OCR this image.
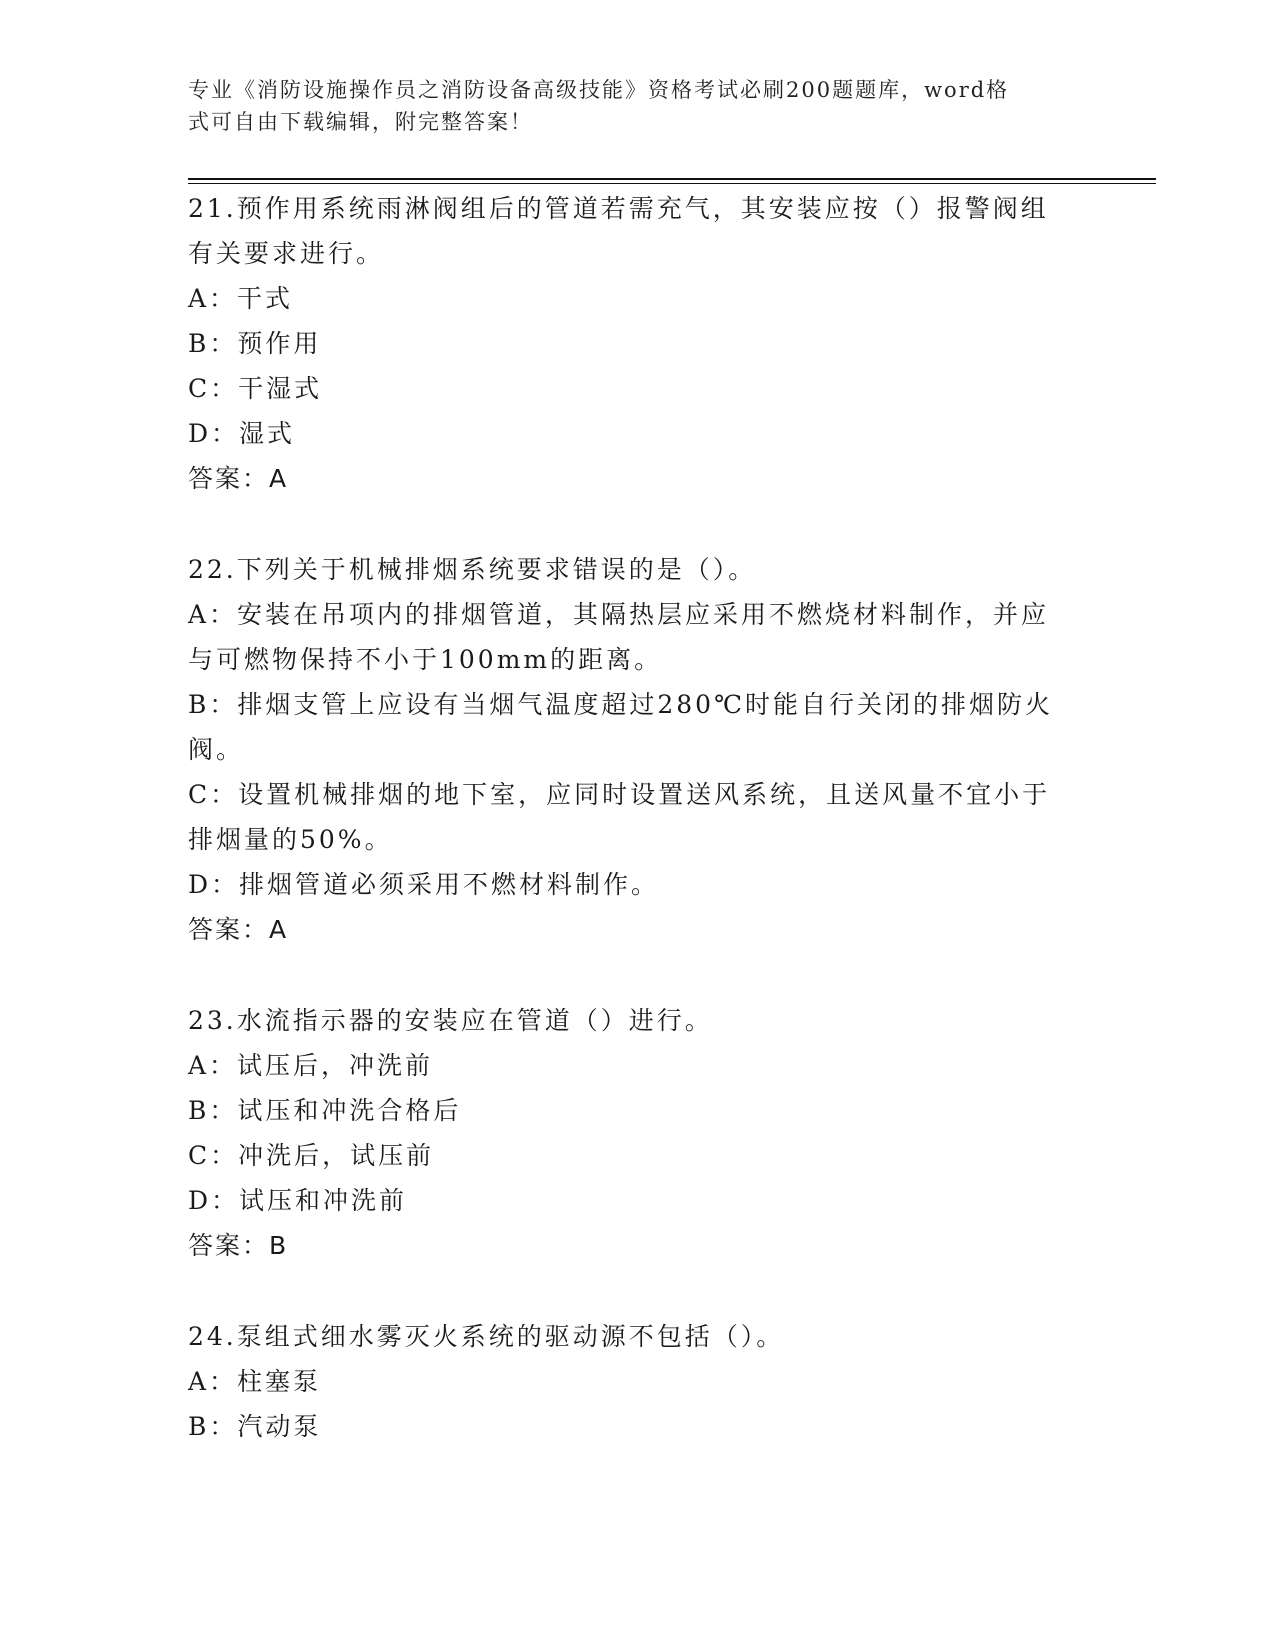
专业《消防设施操作员之消防设备高级技能》资格考试必刷200题题库，word格
式可自由下载编辑，附完整答案！
21.预作用系统雨淋阀组后的管道若需充气，其安装应按（）报警阀组
有关要求进行。
A：干式
B：预作用
C：干湿式
D：湿式
答案：A
22.下列关于机械排烟系统要求错误的是（）。
A：安装在吊项内的排烟管道，其隔热层应采用不燃烧材料制作，并应
与可燃物保持不小于100mm的距离。
B：排烟支管上应设有当烟气温度超过280℃时能自行关闭的排烟防火
阀。
C：设置机械排烟的地下室，应同时设置送风系统，且送风量不宜小于
排烟量的50%。
D：排烟管道必须采用不燃材料制作。
答案：A
23.水流指示器的安装应在管道（）进行。
A：试压后，冲洗前
B：试压和冲洗合格后
C：冲洗后，试压前
D：试压和冲洗前
答案：B
24.泵组式细水雾灭火系统的驱动源不包括（）。
A：柱塞泵
B：汽动泵
